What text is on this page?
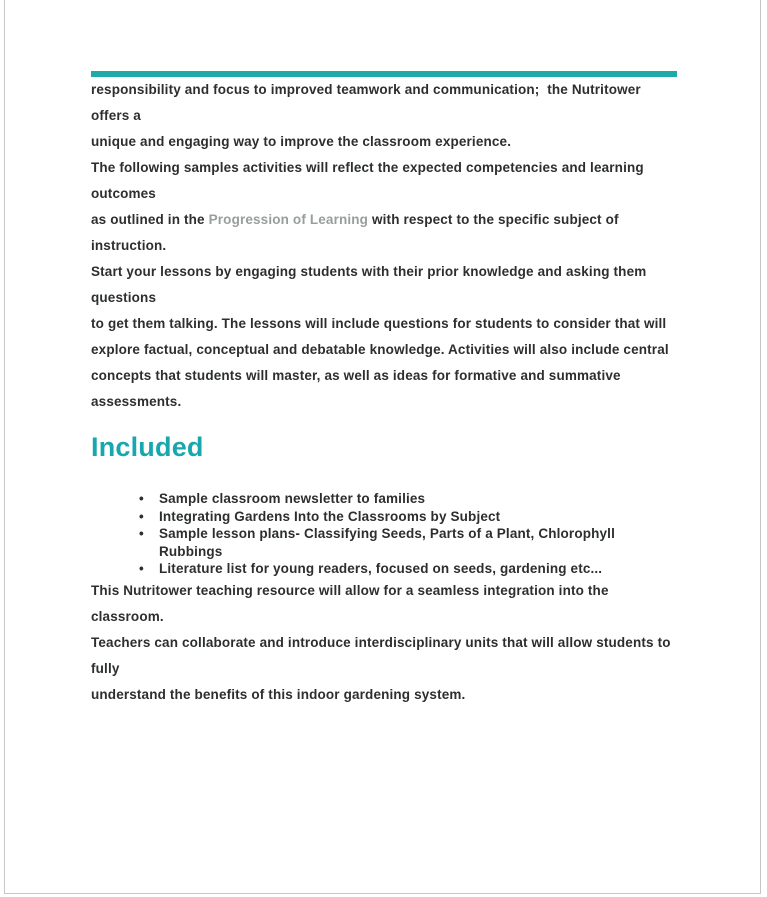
responsibility and focus to improved teamwork and communication;  the Nutritower offers a
unique and engaging way to improve the classroom experience.

The following samples activities will reflect the expected competencies and learning outcomes
as outlined in the Progression of Learning with respect to the specific subject of instruction.

Start your lessons by engaging students with their prior knowledge and asking them questions
to get them talking. The lessons will include questions for students to consider that will
explore factual, conceptual and debatable knowledge. Activities will also include central
concepts that students will master, as well as ideas for formative and summative assessments.

Included
• Sample classroom newsletter to families
• Integrating Gardens Into the Classrooms by Subject
• Sample lesson plans- Classifying Seeds, Parts of a Plant, Chlorophyll Rubbings
• Literature list for young readers, focused on seeds, gardening etc...

This Nutritower teaching resource will allow for a seamless integration into the classroom.
Teachers can collaborate and introduce interdisciplinary units that will allow students to fully
understand the benefits of this indoor gardening system.
